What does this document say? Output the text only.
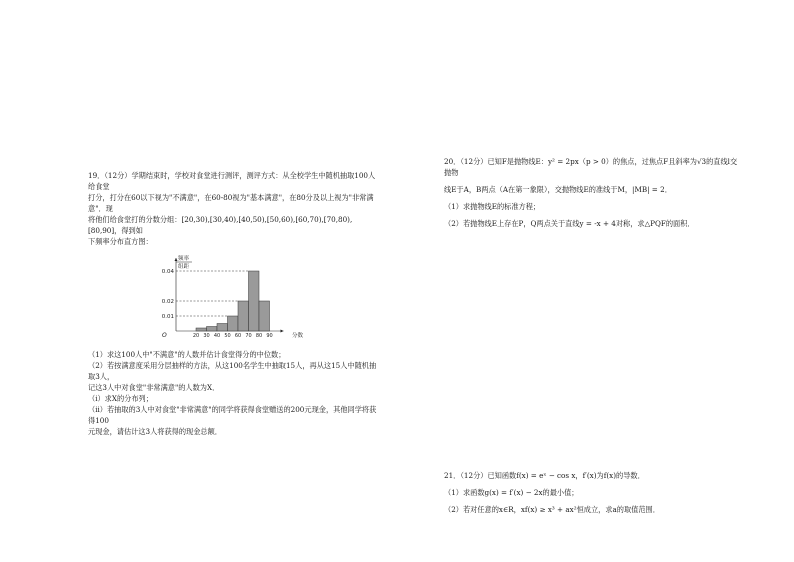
19．（12分）学期结束时，学校对食堂进行测评，测评方式：从全校学生中随机抽取100人给食堂

打分，打分在60以下视为"不满意"，在60-80视为"基本满意"，在80分及以上视为"非常满意"．现

将他们给食堂打的分数分组：[20,30),[30,40),[40,50),[50,60),[60,70),[70,80),[80,90]，得到如

下频率分布直方图：

频率
组距
O	分数
0.01
0.02
0.04
20 30 40 50 60 70 80 90

（1）求这100人中"不满意"的人数并估计食堂得分的中位数；

（2）若按满意度采用分层抽样的方法，从这100名学生中抽取15人，再从这15人中随机抽取3人，

记这3人中对食堂"非常满意"的人数为X．

（i）求X的分布列；

（ii）若抽取的3人中对食堂"非常满意"的同学将获得食堂赠送的200元现金，其他同学将获得100

元现金，请估计这3人将获得的现金总额．

20．（12分）已知F是抛物线E：y² = 2px（p > 0）的焦点，过焦点F且斜率为√3的直线l交抛物

线E于A，B两点（A在第一象限），交抛物线E的准线于M，|MB| = 2．

（1）求抛物线E的标准方程；

（2）若抛物线E上存在P，Q两点关于直线y = -x + 4对称，求△PQF的面积．

21．（12分）已知函数f(x) = eˣ − cos x，f′(x)为f(x)的导数．

（1）求函数g(x) = f′(x) − 2x的最小值；

（2）若对任意的x∈R，xf(x) ≥ x³ + ax²恒成立，求a的取值范围．
